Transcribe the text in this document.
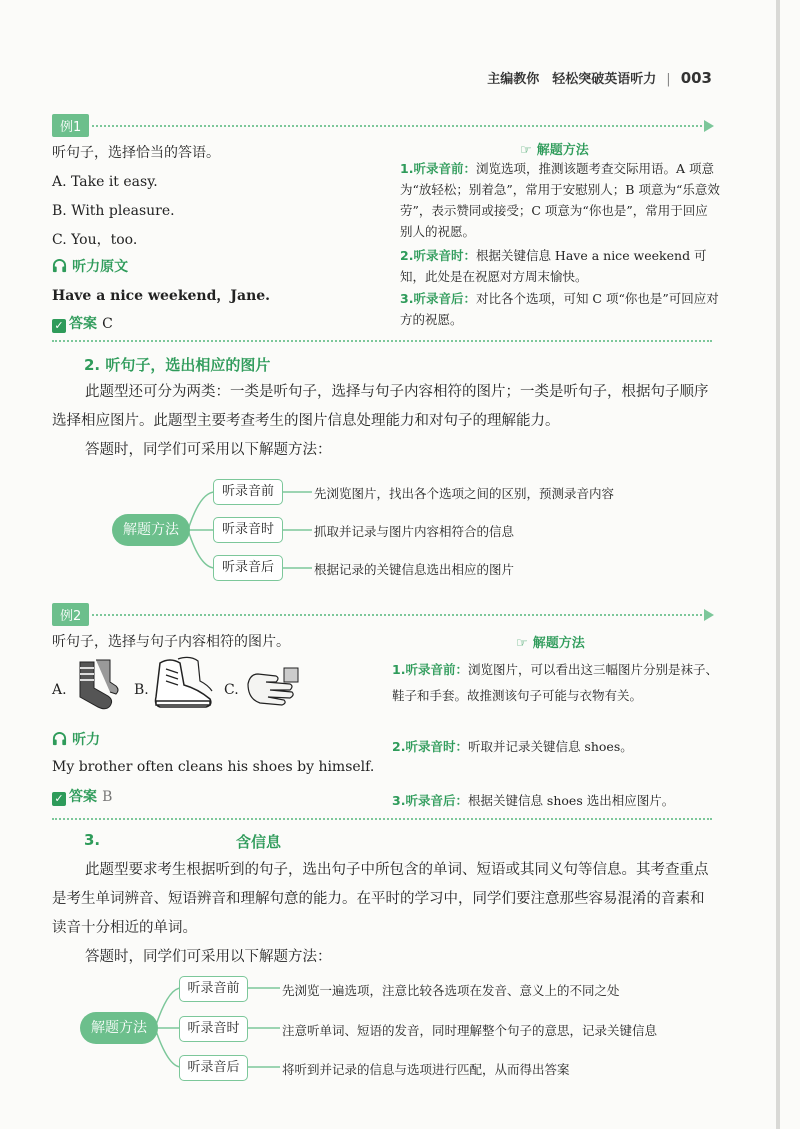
主编教你　轻松突破英语听力 | 003
例1
听句子，选择恰当的答语。
A. Take it easy.
B. With pleasure.
C. You，too.
听力原文
Have a nice weekend，Jane.
✓ 答案 C
☞ 解题方法
1.听录音前：浏览选项，推测该题考查交际用语。A 项意为“放轻松；别着急”，常用于安慰别人；B 项意为“乐意效劳”，表示赞同或接受；C 项意为“你也是”，常用于回应别人的祝愿。
2.听录音时：根据关键信息 Have a nice weekend 可知，此处是在祝愿对方周末愉快。
3.听录音后：对比各个选项，可知 C 项“你也是”可回应对方的祝愿。
2. 听句子，选出相应的图片
此题型还可分为两类：一类是听句子，选择与句子内容相符的图片；一类是听句子，根据句子顺序选择相应图片。此题型主要考查考生的图片信息处理能力和对句子的理解能力。
答题时，同学们可采用以下解题方法：
解题方法
听录音前
听录音时
听录音后
先浏览图片，找出各个选项之间的区别，预测录音内容
抓取并记录与图片内容相符合的信息
根据记录的关键信息选出相应的图片
例2
听句子，选择与句子内容相符的图片。
A.	B.	C.
听力
My brother often cleans his shoes by himself.
✓ 答案 B
☞ 解题方法
1.听录音前：浏览图片，可以看出这三幅图片分别是袜子、鞋子和手套。故推测该句子可能与衣物有关。
2.听录音时：听取并记录关键信息 shoes。
3.听录音后：根据关键信息 shoes 选出相应图片。
3.	含信息
此题型要求考生根据听到的句子，选出句子中所包含的单词、短语或其同义句等信息。其考查重点是考生单词辨音、短语辨音和理解句意的能力。在平时的学习中，同学们要注意那些容易混淆的音素和读音十分相近的单词。
答题时，同学们可采用以下解题方法：
解题方法
听录音前
听录音时
听录音后
先浏览一遍选项，注意比较各选项在发音、意义上的不同之处
注意听单词、短语的发音，同时理解整个句子的意思，记录关键信息
将听到并记录的信息与选项进行匹配，从而得出答案
